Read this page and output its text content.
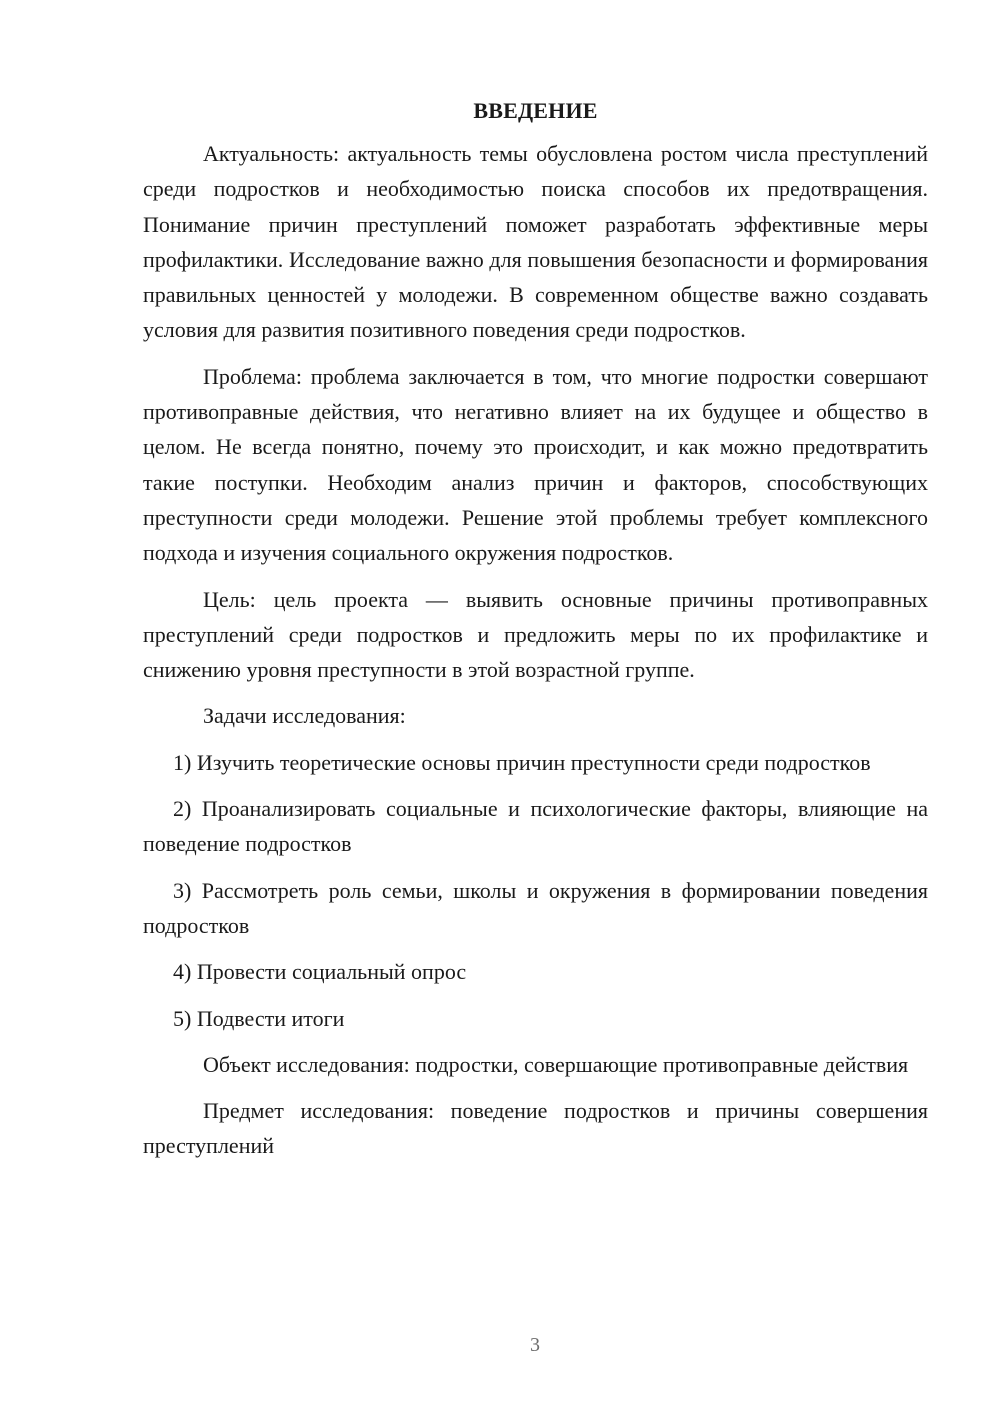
ВВЕДЕНИЕ

Актуальность: актуальность темы обусловлена ростом числа преступлений среди подростков и необходимостью поиска способов их предотвращения. Понимание причин преступлений поможет разработать эффективные меры профилактики. Исследование важно для повышения безопасности и формирования правильных ценностей у молодежи. В современном обществе важно создавать условия для развития позитивного поведения среди подростков.

Проблема: проблема заключается в том, что многие подростки совершают противоправные действия, что негативно влияет на их будущее и общество в целом. Не всегда понятно, почему это происходит, и как можно предотвратить такие поступки. Необходим анализ причин и факторов, способствующих преступности среди молодежи. Решение этой проблемы требует комплексного подхода и изучения социального окружения подростков.

Цель: цель проекта — выявить основные причины противоправных преступлений среди подростков и предложить меры по их профилактике и снижению уровня преступности в этой возрастной группе.

Задачи исследования:

1) Изучить теоретические основы причин преступности среди подростков

2) Проанализировать социальные и психологические факторы, влияющие на поведение подростков

3) Рассмотреть роль семьи, школы и окружения в формировании поведения подростков

4) Провести социальный опрос

5) Подвести итоги

Объект исследования: подростки, совершающие противоправные действия

Предмет исследования: поведение подростков и причины совершения преступлений

3
